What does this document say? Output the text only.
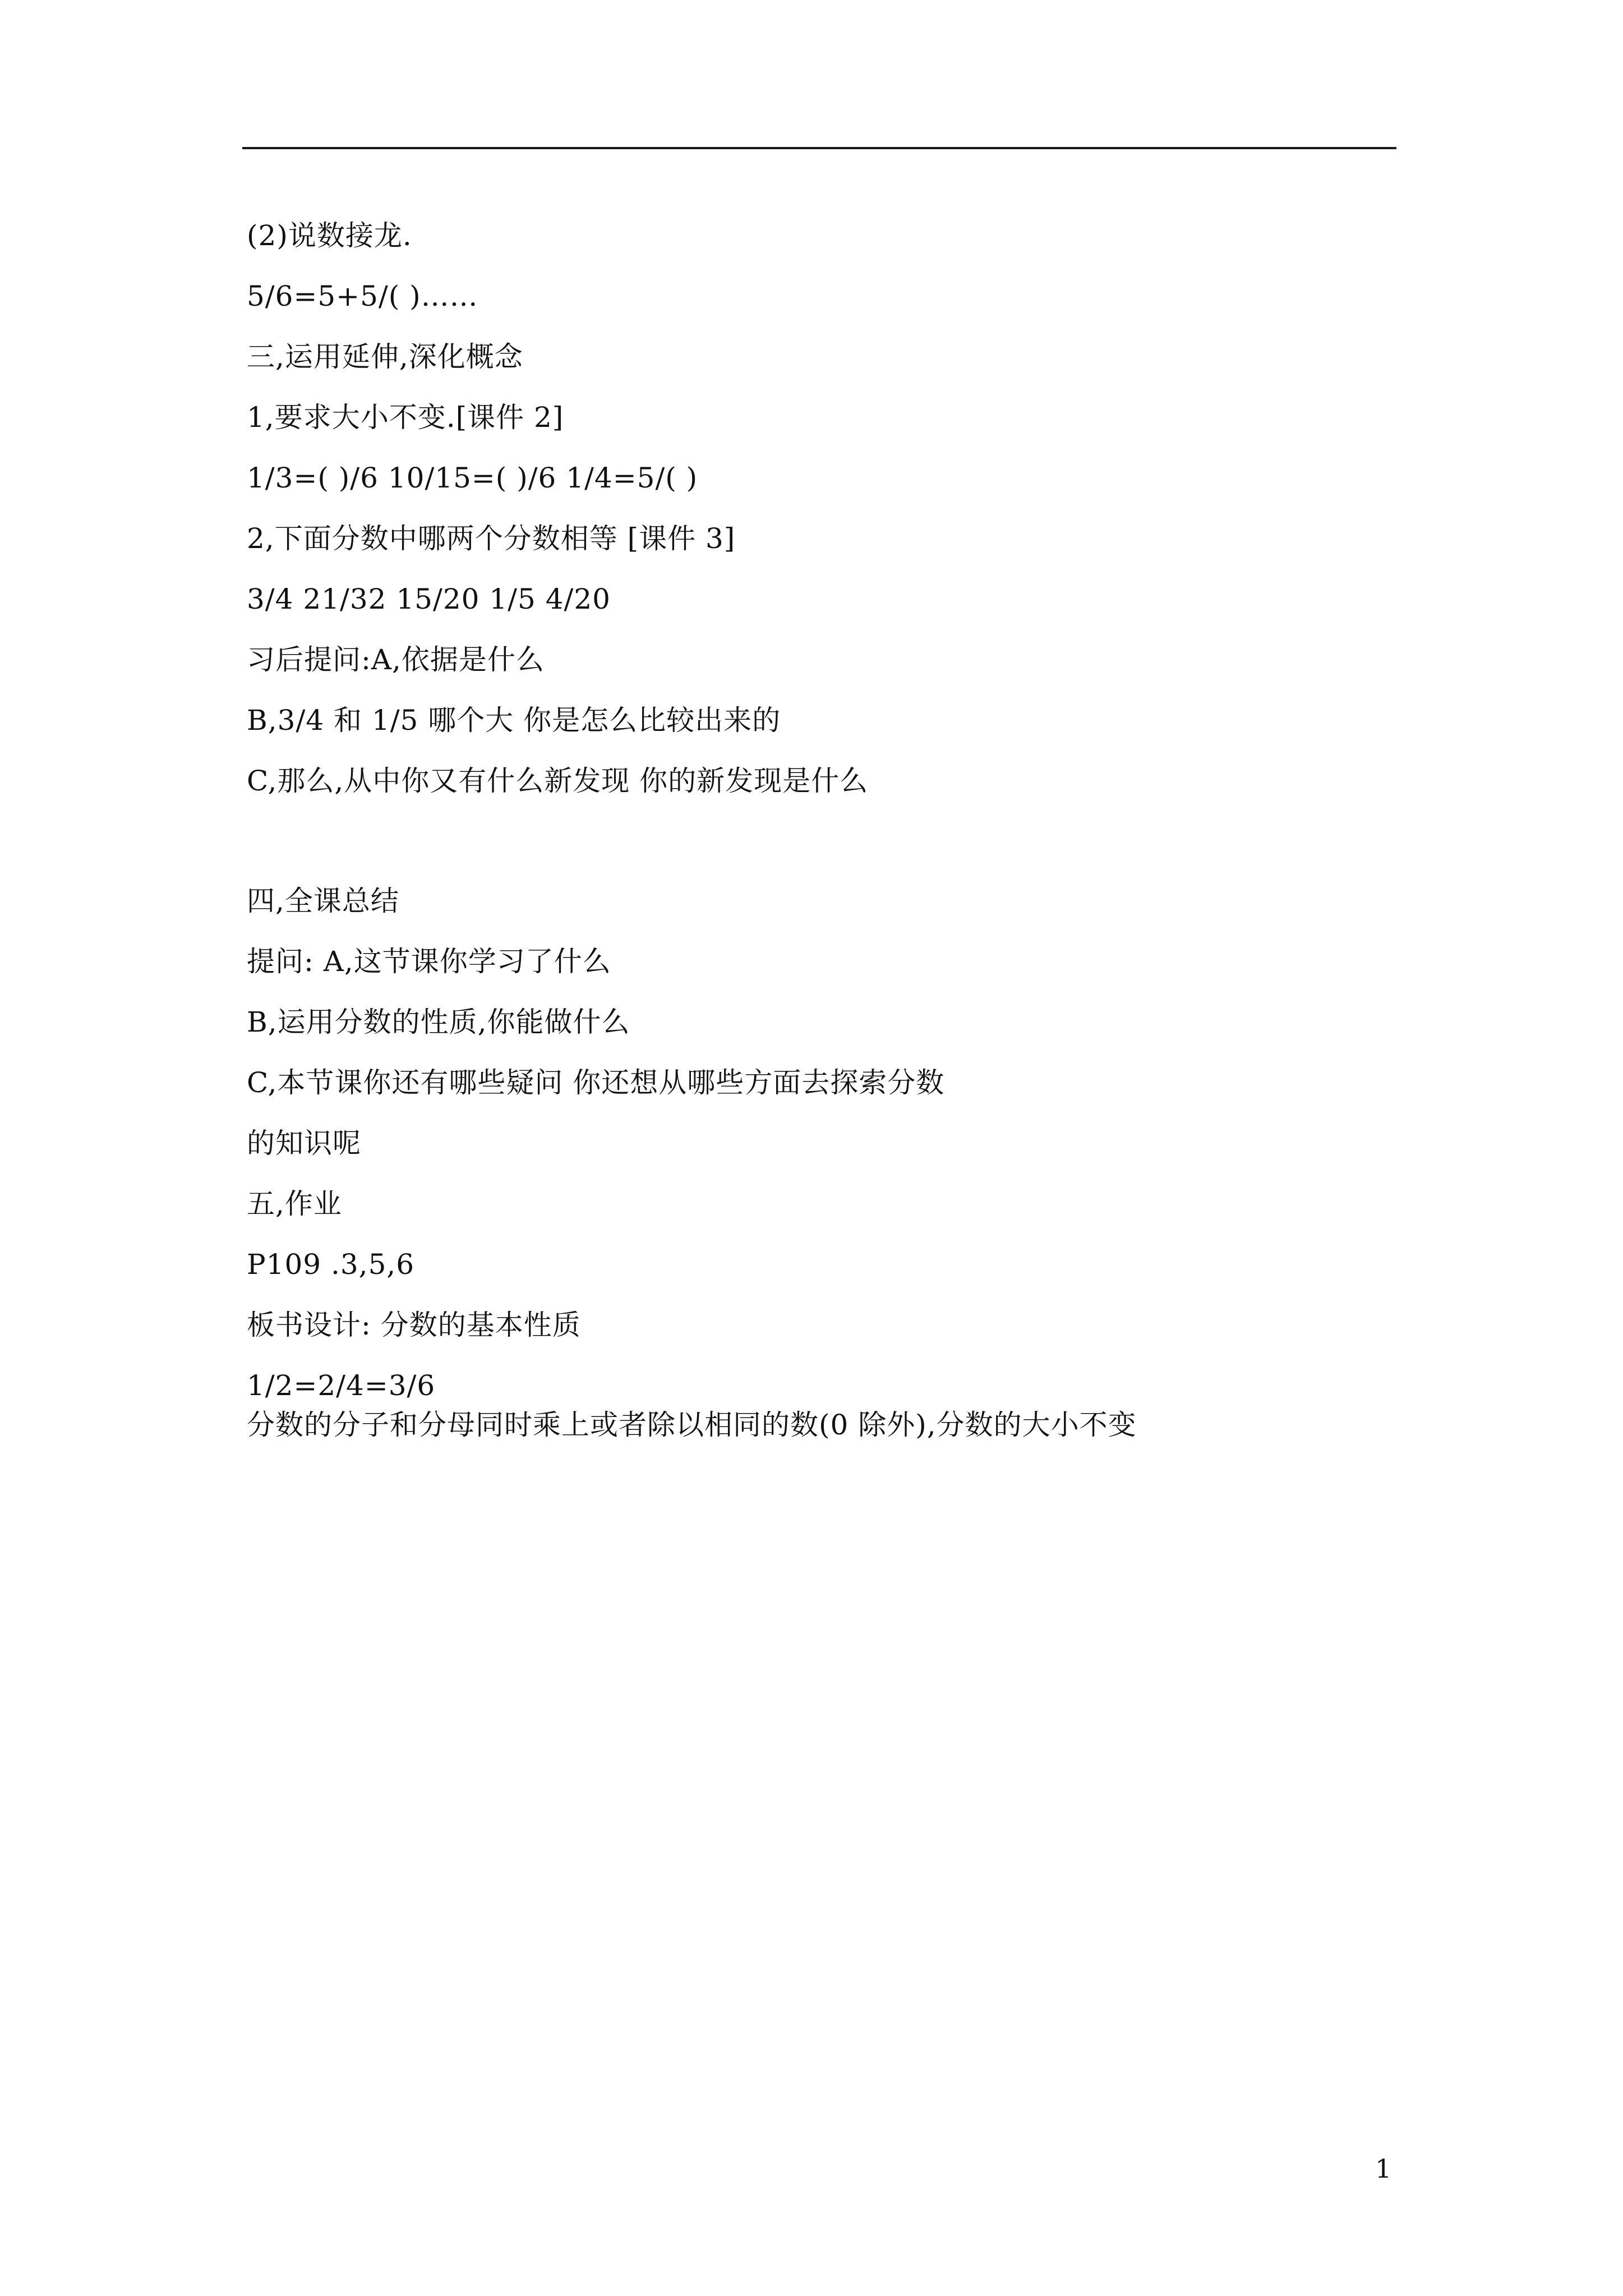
(2)说数接龙.
5/6=5+5/( )……
三,运用延伸,深化概念
1,要求大小不变.[课件 2]
1/3=( )/6 10/15=( )/6 1/4=5/( )
2,下面分数中哪两个分数相等 [课件 3]
3/4 21/32 15/20 1/5 4/20
习后提问:A,依据是什么
B,3/4 和 1/5 哪个大 你是怎么比较出来的
C,那么,从中你又有什么新发现 你的新发现是什么
四,全课总结
提问: A,这节课你学习了什么
B,运用分数的性质,你能做什么
C,本节课你还有哪些疑问 你还想从哪些方面去探索分数
的知识呢
五,作业
P109 .3,5,6
板书设计: 分数的基本性质
1/2=2/4=3/6
分数的分子和分母同时乘上或者除以相同的数(0 除外),分数的大小不变
1
